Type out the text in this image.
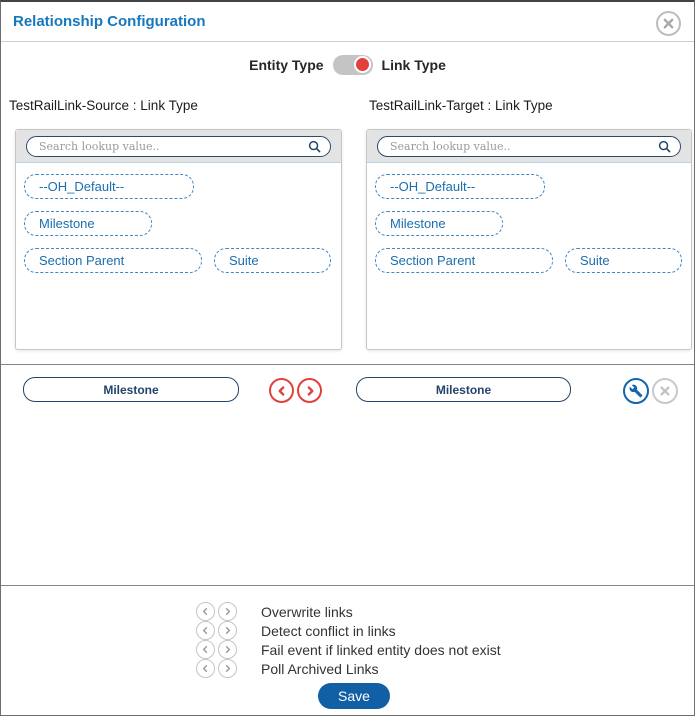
Relationship Configuration
Entity Type	Link Type
TestRailLink-Source : Link Type	TestRailLink-Target : Link Type
Search lookup value..
--OH_Default--
Milestone
Section Parent	Suite
Search lookup value..
--OH_Default--
Milestone
Section Parent	Suite
Milestone	Milestone
Overwrite links
Detect conflict in links
Fail event if linked entity does not exist
Poll Archived Links
Save
